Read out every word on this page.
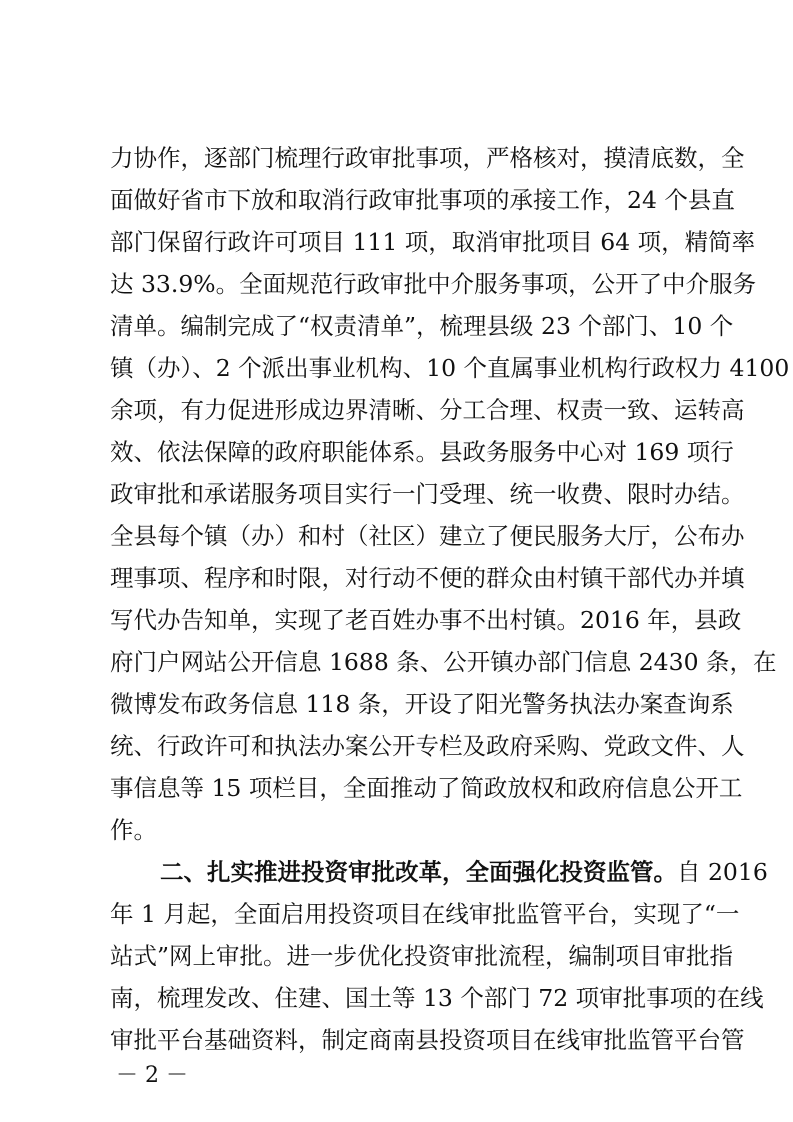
力协作，逐部门梳理行政审批事项，严格核对，摸清底数，全
面做好省市下放和取消行政审批事项的承接工作，24 个县直
部门保留行政许可项目 111 项，取消审批项目 64 项，精简率
达 33.9%。全面规范行政审批中介服务事项，公开了中介服务
清单。编制完成了“权责清单”，梳理县级 23 个部门、10 个
镇（办）、2 个派出事业机构、10 个直属事业机构行政权力 4100
余项，有力促进形成边界清晰、分工合理、权责一致、运转高
效、依法保障的政府职能体系。县政务服务中心对 169 项行
政审批和承诺服务项目实行一门受理、统一收费、限时办结。
全县每个镇（办）和村（社区）建立了便民服务大厅，公布办
理事项、程序和时限，对行动不便的群众由村镇干部代办并填
写代办告知单，实现了老百姓办事不出村镇。2016 年，县政
府门户网站公开信息 1688 条、公开镇办部门信息 2430 条，在
微博发布政务信息 118 条，开设了阳光警务执法办案查询系
统、行政许可和执法办案公开专栏及政府采购、党政文件、人
事信息等 15 项栏目，全面推动了简政放权和政府信息公开工
作。
二、扎实推进投资审批改革，全面强化投资监管。自 2016
年 1 月起，全面启用投资项目在线审批监管平台，实现了“一
站式”网上审批。进一步优化投资审批流程，编制项目审批指
南，梳理发改、住建、国土等 13 个部门 72 项审批事项的在线
－ 2 －
审批平台基础资料，制定商南县投资项目在线审批监管平台管
